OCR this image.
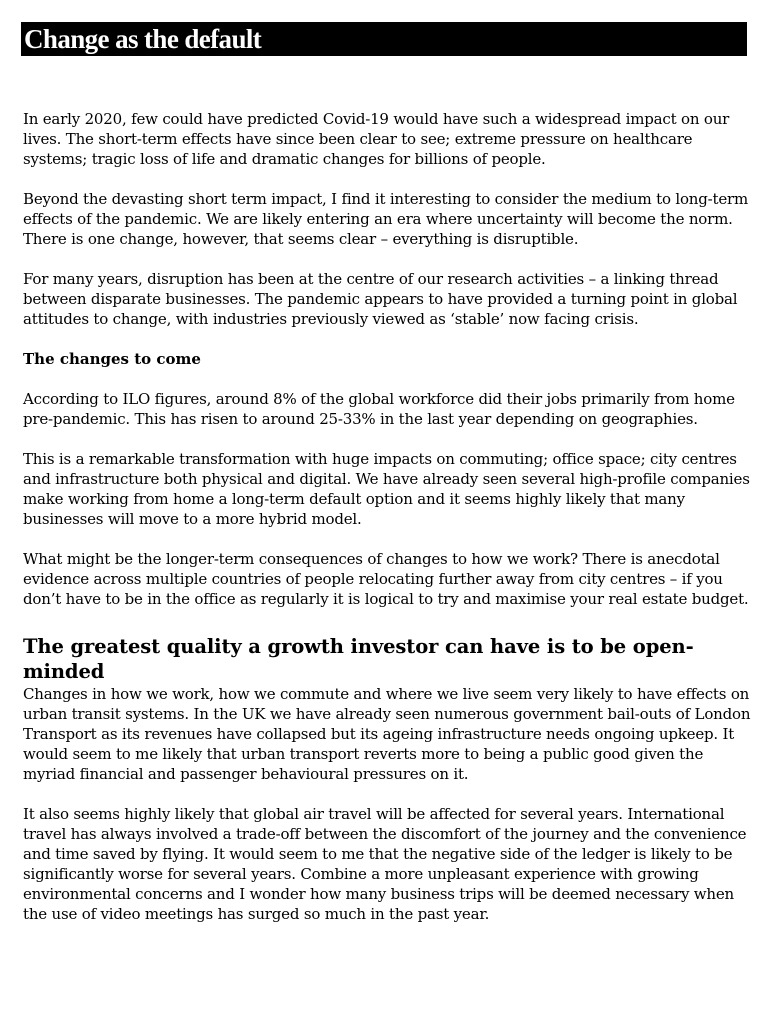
Change as the default

In early 2020, few could have predicted Covid-19 would have such a widespread impact on our lives. The short-term effects have since been clear to see; extreme pressure on healthcare systems; tragic loss of life and dramatic changes for billions of people.

Beyond the devasting short term impact, I find it interesting to consider the medium to long-term effects of the pandemic. We are likely entering an era where uncertainty will become the norm. There is one change, however, that seems clear – everything is disruptible.

For many years, disruption has been at the centre of our research activities – a linking thread between disparate businesses. The pandemic appears to have provided a turning point in global attitudes to change, with industries previously viewed as ‘stable’ now facing crisis.

The changes to come

According to ILO figures, around 8% of the global workforce did their jobs primarily from home pre-pandemic. This has risen to around 25-33% in the last year depending on geographies.

This is a remarkable transformation with huge impacts on commuting; office space; city centres and infrastructure both physical and digital. We have already seen several high-profile companies make working from home a long-term default option and it seems highly likely that many businesses will move to a more hybrid model.

What might be the longer-term consequences of changes to how we work? There is anecdotal evidence across multiple countries of people relocating further away from city centres – if you don’t have to be in the office as regularly it is logical to try and maximise your real estate budget.

The greatest quality a growth investor can have is to be open-minded

Changes in how we work, how we commute and where we live seem very likely to have effects on urban transit systems. In the UK we have already seen numerous government bail-outs of London Transport as its revenues have collapsed but its ageing infrastructure needs ongoing upkeep. It would seem to me likely that urban transport reverts more to being a public good given the myriad financial and passenger behavioural pressures on it.

It also seems highly likely that global air travel will be affected for several years. International travel has always involved a trade-off between the discomfort of the journey and the convenience and time saved by flying. It would seem to me that the negative side of the ledger is likely to be significantly worse for several years. Combine a more unpleasant experience with growing environmental concerns and I wonder how many business trips will be deemed necessary when the use of video meetings has surged so much in the past year.
